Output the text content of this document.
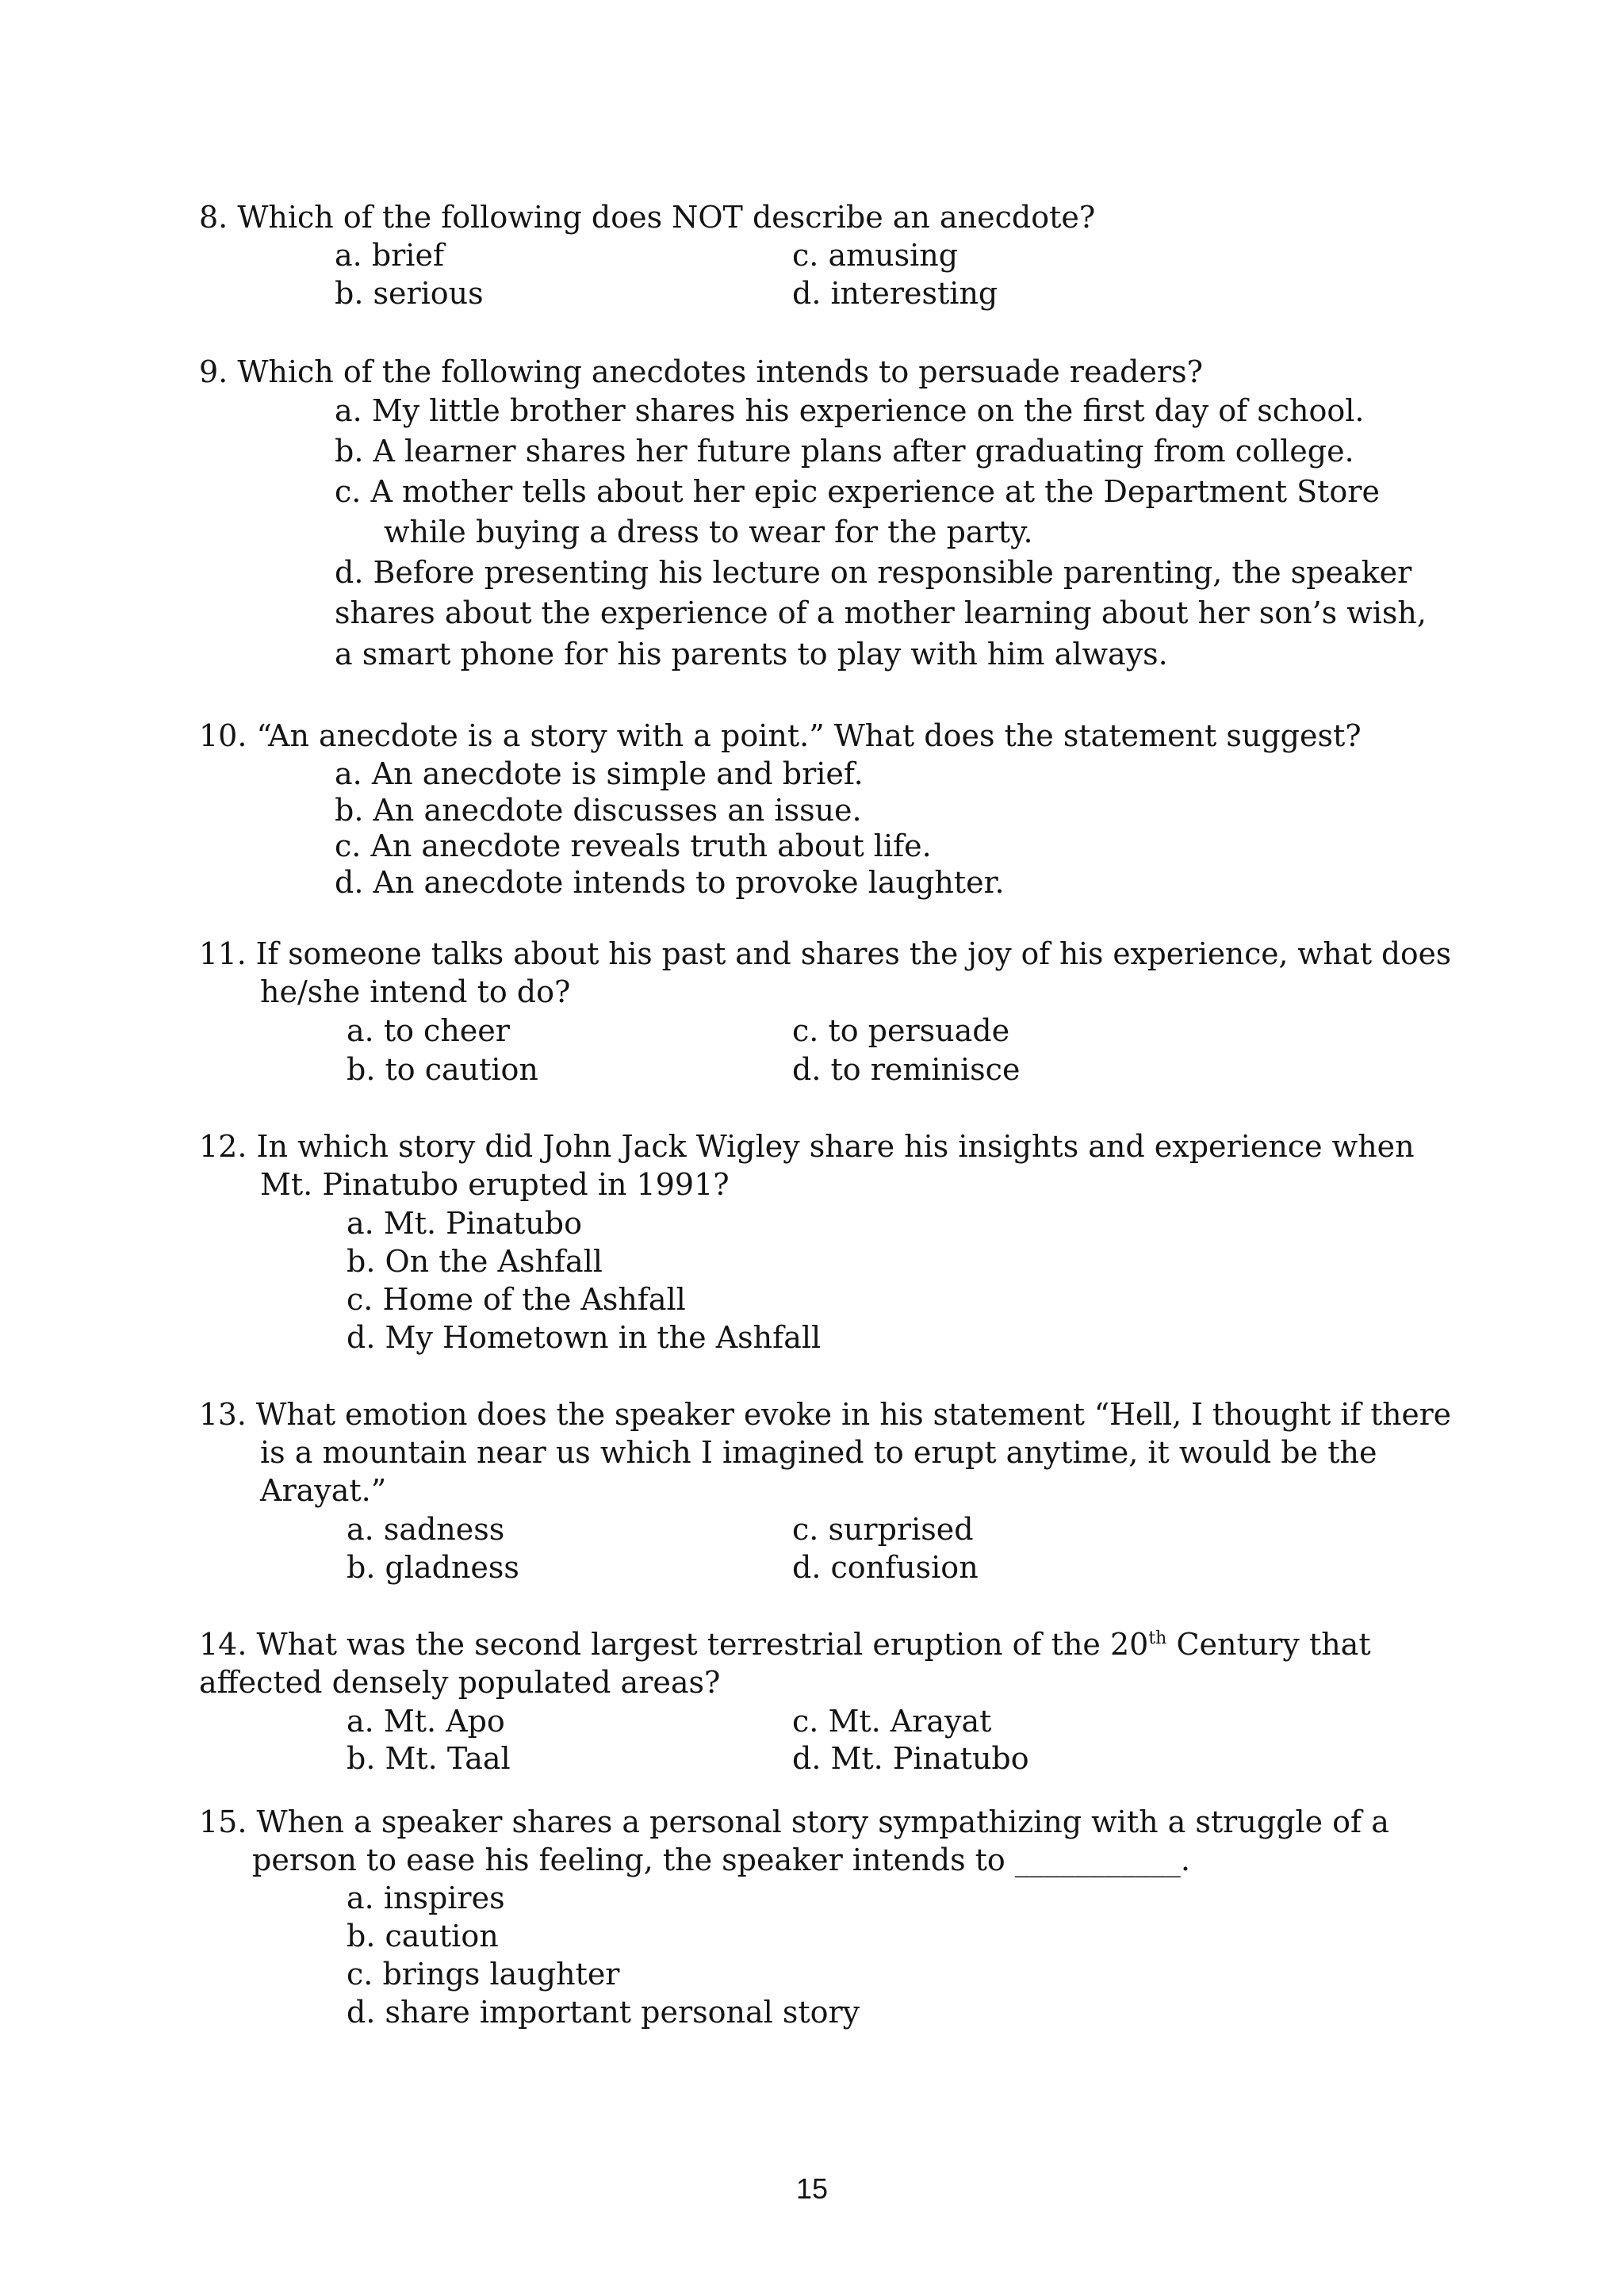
8. Which of the following does NOT describe an anecdote?
a. brief	c. amusing
b. serious	d. interesting
9. Which of the following anecdotes intends to persuade readers?
a. My little brother shares his experience on the first day of school.
b. A learner shares her future plans after graduating from college.
c. A mother tells about her epic experience at the Department Store
while buying a dress to wear for the party.
d. Before presenting his lecture on responsible parenting, the speaker
shares about the experience of a mother learning about her son’s wish,
a smart phone for his parents to play with him always.
10. “An anecdote is a story with a point.” What does the statement suggest?
a. An anecdote is simple and brief.
b. An anecdote discusses an issue.
c. An anecdote reveals truth about life.
d. An anecdote intends to provoke laughter.
11. If someone talks about his past and shares the joy of his experience, what does
he/she intend to do?
a. to cheer	c. to persuade
b. to caution	d. to reminisce
12. In which story did John Jack Wigley share his insights and experience when
Mt. Pinatubo erupted in 1991?
a. Mt. Pinatubo
b. On the Ashfall
c. Home of the Ashfall
d. My Hometown in the Ashfall
13. What emotion does the speaker evoke in his statement “Hell, I thought if there
is a mountain near us which I imagined to erupt anytime, it would be the
Arayat.”
a. sadness	c. surprised
b. gladness	d. confusion
14. What was the second largest terrestrial eruption of the 20th Century that
affected densely populated areas?
a. Mt. Apo	c. Mt. Arayat
b. Mt. Taal	d. Mt. Pinatubo
15. When a speaker shares a personal story sympathizing with a struggle of a
person to ease his feeling, the speaker intends to ___________.
a. inspires
b. caution
c. brings laughter
d. share important personal story
15
